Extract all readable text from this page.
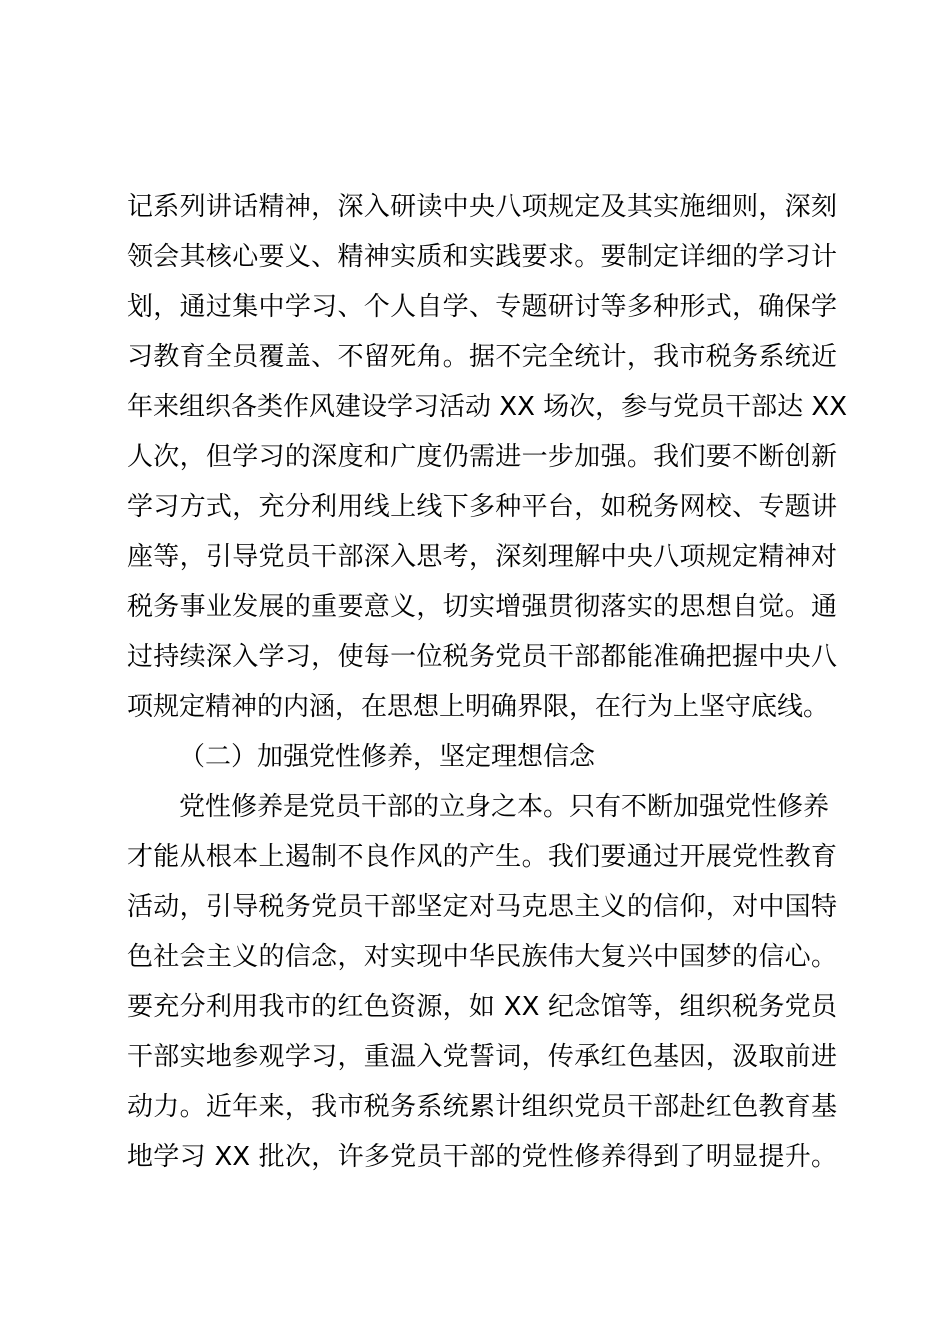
记系列讲话精神，深入研读中央八项规定及其实施细则，深刻
领会其核心要义、精神实质和实践要求。要制定详细的学习计
划，通过集中学习、个人自学、专题研讨等多种形式，确保学
习教育全员覆盖、不留死角。据不完全统计，我市税务系统近
年来组织各类作风建设学习活动 XX 场次，参与党员干部达 XX
人次，但学习的深度和广度仍需进一步加强。我们要不断创新
学习方式，充分利用线上线下多种平台，如税务网校、专题讲
座等，引导党员干部深入思考，深刻理解中央八项规定精神对
税务事业发展的重要意义，切实增强贯彻落实的思想自觉。通
过持续深入学习，使每一位税务党员干部都能准确把握中央八
项规定精神的内涵，在思想上明确界限，在行为上坚守底线。
（二）加强党性修养，坚定理想信念
党性修养是党员干部的立身之本。只有不断加强党性修养
才能从根本上遏制不良作风的产生。我们要通过开展党性教育
活动，引导税务党员干部坚定对马克思主义的信仰，对中国特
色社会主义的信念，对实现中华民族伟大复兴中国梦的信心。
要充分利用我市的红色资源，如 XX 纪念馆等，组织税务党员
干部实地参观学习，重温入党誓词，传承红色基因，汲取前进
动力。近年来，我市税务系统累计组织党员干部赴红色教育基
地学习 XX 批次，许多党员干部的党性修养得到了明显提升。
